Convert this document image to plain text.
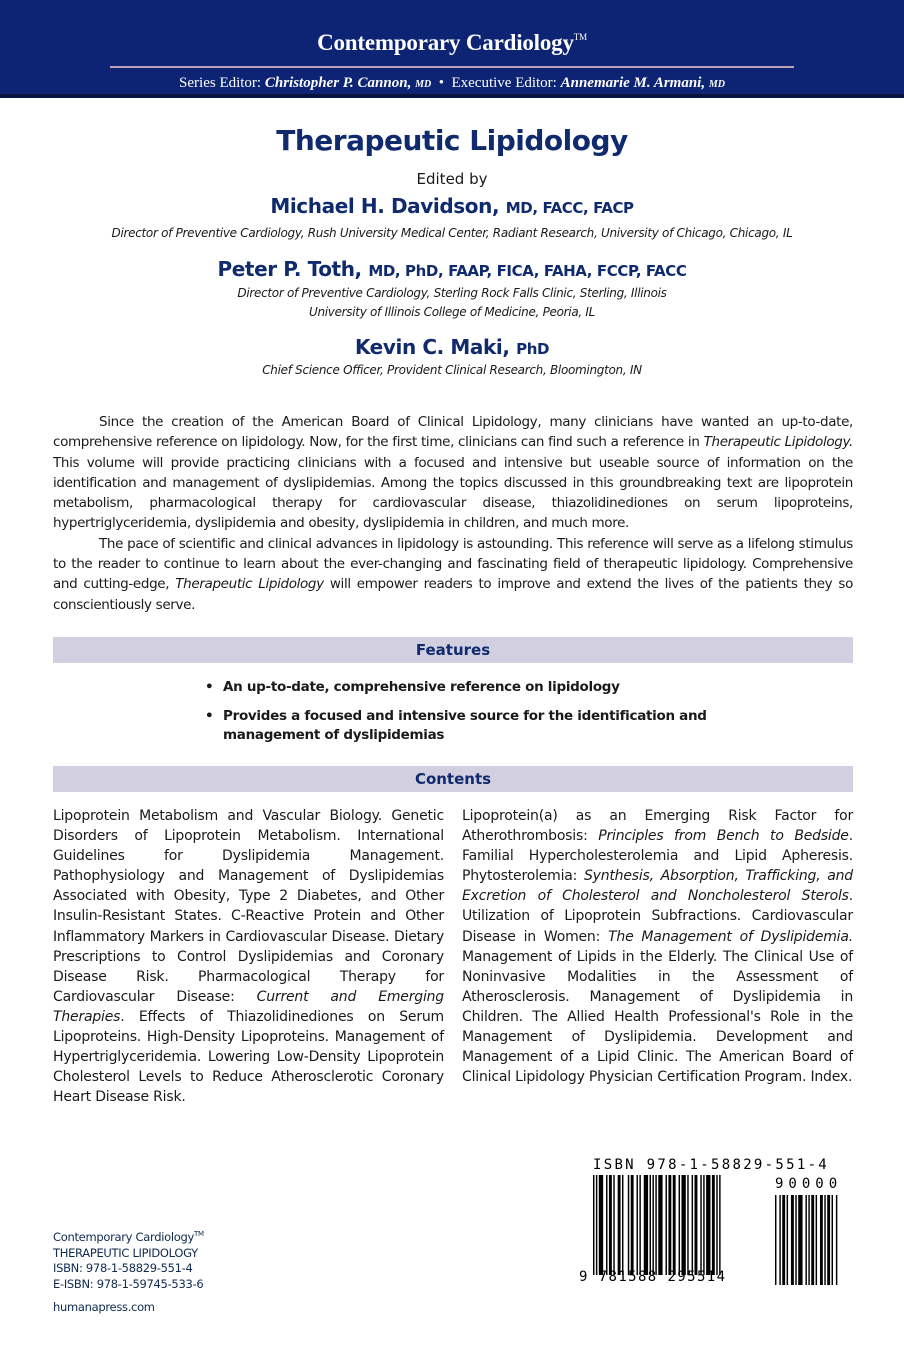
Contemporary Cardiology™
Series Editor: Christopher P. Cannon, MD • Executive Editor: Annemarie M. Armani, MD
Therapeutic Lipidology
Edited by
Michael H. Davidson, MD, FACC, FACP
Director of Preventive Cardiology, Rush University Medical Center, Radiant Research, University of Chicago, Chicago, IL
Peter P. Toth, MD, PhD, FAAP, FICA, FAHA, FCCP, FACC
Director of Preventive Cardiology, Sterling Rock Falls Clinic, Sterling, Illinois
University of Illinois College of Medicine, Peoria, IL
Kevin C. Maki, PhD
Chief Science Officer, Provident Clinical Research, Bloomington, IN

Since the creation of the American Board of Clinical Lipidology, many clinicians have wanted an up-to-date, comprehensive reference on lipidology. Now, for the first time, clinicians can find such a reference in Therapeutic Lipidology. This volume will provide practicing clinicians with a focused and intensive but useable source of information on the identification and management of dyslipidemias. Among the topics discussed in this groundbreaking text are lipoprotein metabolism, pharmacological therapy for cardiovascular disease, thiazolidinediones on serum lipoproteins, hypertriglyceridemia, dyslipidemia and obesity, dyslipidemia in children, and much more.

The pace of scientific and clinical advances in lipidology is astounding. This reference will serve as a lifelong stimulus to the reader to continue to learn about the ever-changing and fascinating field of therapeutic lipidology. Comprehensive and cutting-edge, Therapeutic Lipidology will empower readers to improve and extend the lives of the patients they so conscientiously serve.

Features
• An up-to-date, comprehensive reference on lipidology
• Provides a focused and intensive source for the identification and management of dyslipidemias
Contents
Lipoprotein Metabolism and Vascular Biology. Genetic Disorders of Lipoprotein Metabolism. International Guidelines for Dyslipidemia Management. Pathophysiology and Management of Dyslipidemias Associated with Obesity, Type 2 Diabetes, and Other Insulin-Resistant States. C-Reactive Protein and Other Inflammatory Markers in Cardiovascular Disease. Dietary Prescriptions to Control Dyslipidemias and Coronary Disease Risk. Pharmacological Therapy for Cardiovascular Disease: Current and Emerging Therapies. Effects of Thiazolidinediones on Serum Lipoproteins. High-Density Lipoproteins. Management of Hypertriglyceridemia. Lowering Low-Density Lipoprotein Cholesterol Levels to Reduce Atherosclerotic Coronary Heart Disease Risk.
Lipoprotein(a) as an Emerging Risk Factor for Atherothrombosis: Principles from Bench to Bedside. Familial Hypercholesterolemia and Lipid Apheresis. Phytosterolemia: Synthesis, Absorption, Trafficking, and Excretion of Cholesterol and Noncholesterol Sterols. Utilization of Lipoprotein Subfractions. Cardiovascular Disease in Women: The Management of Dyslipidemia. Management of Lipids in the Elderly. The Clinical Use of Noninvasive Modalities in the Assessment of Atherosclerosis. Management of Dyslipidemia in Children. The Allied Health Professional's Role in the Management of Dyslipidemia. Development and Management of a Lipid Clinic. The American Board of Clinical Lipidology Physician Certification Program. Index.
Contemporary Cardiology™
THERAPEUTIC LIPIDOLOGY
ISBN: 978-1-58829-551-4
E-ISBN: 978-1-59745-533-6
humanapress.com
ISBN 978-1-58829-551-4
90000
9 781588 295514
